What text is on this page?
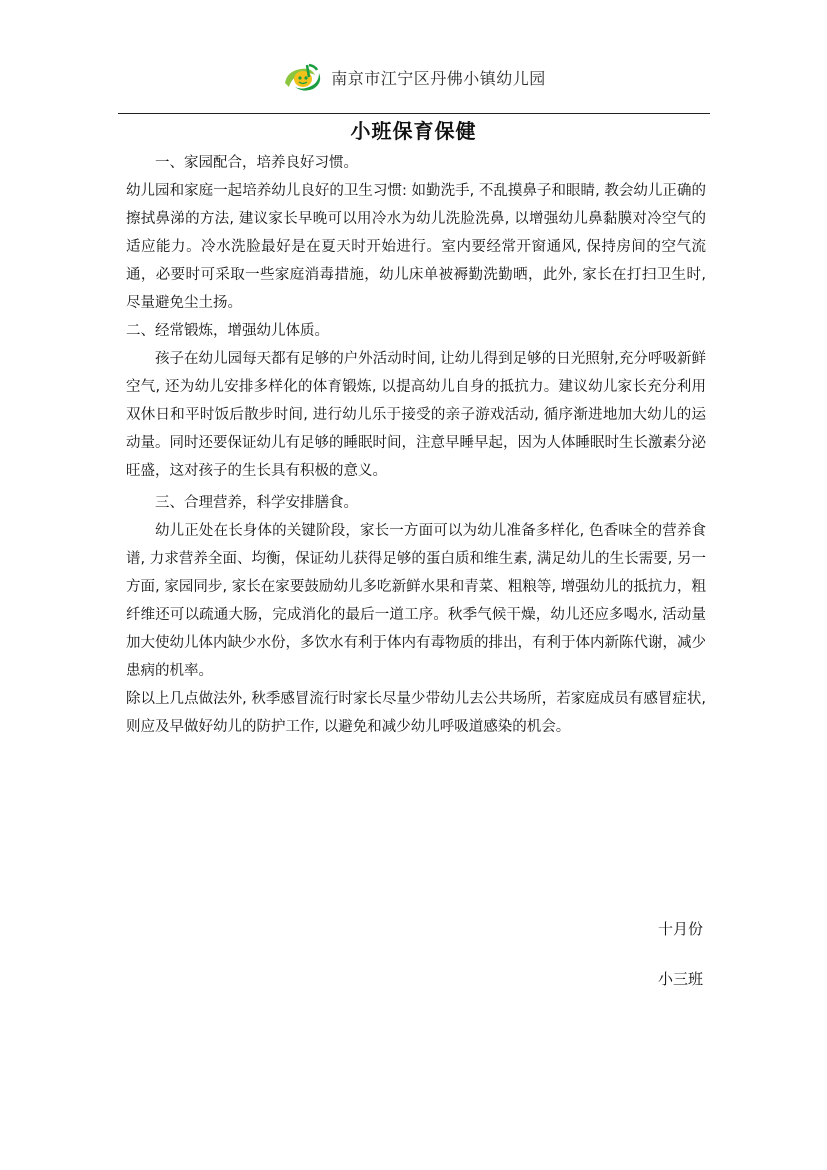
南京市江宁区丹佛小镇幼儿园
小班保育保健

一、家园配合，培养良好习惯。

幼儿园和家庭一起培养幼儿良好的卫生习惯: 如勤洗手, 不乱摸鼻子和眼睛, 教会幼儿正确的擦拭鼻涕的方法, 建议家长早晚可以用冷水为幼儿洗脸洗鼻, 以增强幼儿鼻黏膜对冷空气的适应能力。冷水洗脸最好是在夏天时开始进行。室内要经常开窗通风, 保持房间的空气流通，必要时可采取一些家庭消毒措施，幼儿床单被褥勤洗勤晒，此外, 家长在打扫卫生时, 尽量避免尘土扬。

二、经常锻炼，增强幼儿体质。

孩子在幼儿园每天都有足够的户外活动时间, 让幼儿得到足够的日光照射,充分呼吸新鲜空气, 还为幼儿安排多样化的体育锻炼, 以提高幼儿自身的抵抗力。建议幼儿家长充分利用双休日和平时饭后散步时间, 进行幼儿乐于接受的亲子游戏活动, 循序渐进地加大幼儿的运动量。同时还要保证幼儿有足够的睡眠时间，注意早睡早起，因为人体睡眠时生长激素分泌旺盛，这对孩子的生长具有积极的意义。

三、合理营养，科学安排膳食。

幼儿正处在长身体的关键阶段，家长一方面可以为幼儿准备多样化, 色香味全的营养食谱, 力求营养全面、均衡，保证幼儿获得足够的蛋白质和维生素, 满足幼儿的生长需要, 另一方面, 家园同步, 家长在家要鼓励幼儿多吃新鲜水果和青菜、粗粮等, 增强幼儿的抵抗力，粗纤维还可以疏通大肠，完成消化的最后一道工序。秋季气候干燥，幼儿还应多喝水, 活动量加大使幼儿体内缺少水份，多饮水有利于体内有毒物质的排出，有利于体内新陈代谢，减少患病的机率。

除以上几点做法外, 秋季感冒流行时家长尽量少带幼儿去公共场所，若家庭成员有感冒症状, 则应及早做好幼儿的防护工作, 以避免和减少幼儿呼吸道感染的机会。

十月份
小三班
